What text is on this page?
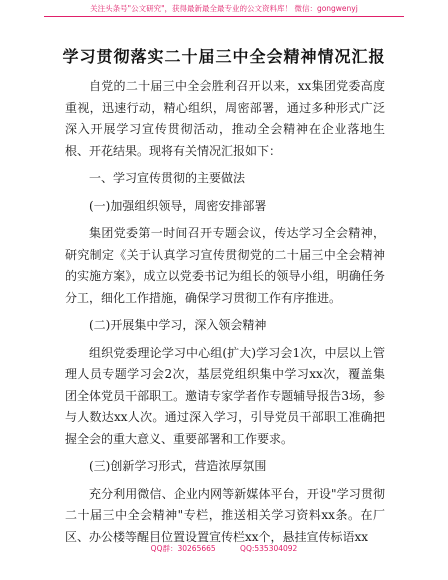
关注头条号"公文研究"，获得最新最全最专业的公文资料库！ 微信：gongwenyj
学习贯彻落实二十届三中全会精神情况汇报

自党的二十届三中全会胜利召开以来，xx集团党委高度重视，迅速行动，精心组织，周密部署，通过多种形式广泛深入开展学习宣传贯彻活动，推动全会精神在企业落地生根、开花结果。现将有关情况汇报如下：

一、学习宣传贯彻的主要做法

(一)加强组织领导，周密安排部署

集团党委第一时间召开专题会议，传达学习全会精神，研究制定《关于认真学习宣传贯彻党的二十届三中全会精神的实施方案》，成立以党委书记为组长的领导小组，明确任务分工，细化工作措施，确保学习贯彻工作有序推进。

(二)开展集中学习，深入领会精神

组织党委理论学习中心组(扩大)学习会1次，中层以上管理人员专题学习会2次，基层党组织集中学习xx次，覆盖集团全体党员干部职工。邀请专家学者作专题辅导报告3场，参与人数达xx人次。通过深入学习，引导党员干部职工准确把握全会的重大意义、重要部署和工作要求。

(三)创新学习形式，营造浓厚氛围

充分利用微信、企业内网等新媒体平台，开设"学习贯彻二十届三中全会精神"专栏，推送相关学习资料xx条。在厂区、办公楼等醒目位置设置宣传栏xx个，悬挂宣传标语xx

QQ群：30265665	QQ:535304092
